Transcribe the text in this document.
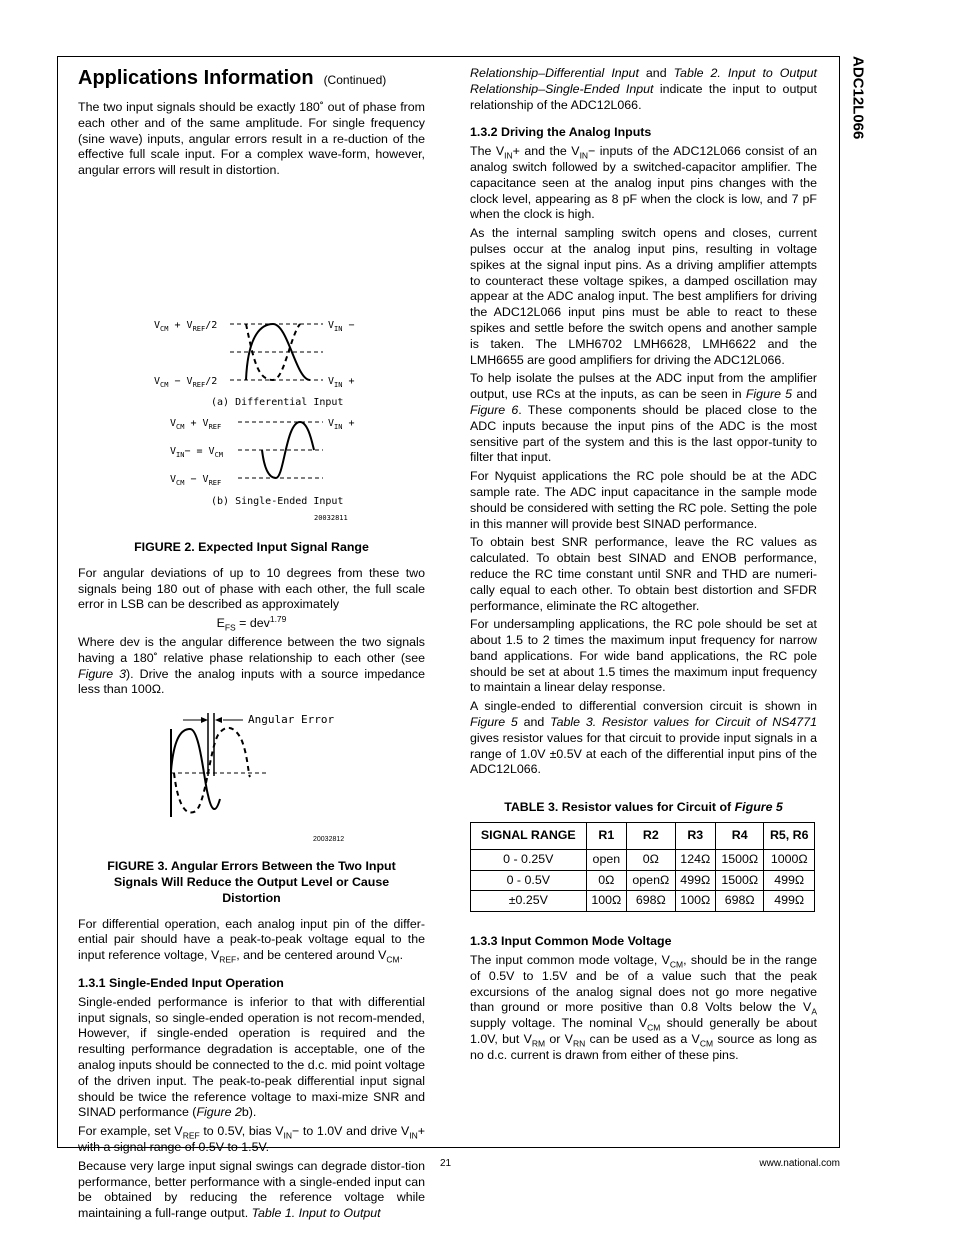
ADC12L066
Applications Information (Continued)

The two input signals should be exactly 180˚ out of phase from each other and of the same amplitude. For single frequency (sine wave) inputs, angular errors result in a re-duction of the effective full scale input. For a complex wave-form, however, angular errors will result in distortion.

$V_{CM} + V_{REF}/2$
$V_{CM} - V_{REF}/2$
$V_{IN}$ −
$V_{IN}$ +
(a) Differential Input
$V_{CM} + V_{REF}$
$V_{IN}- = V_{CM}$
$V_{CM} - V_{REF}$
$V_{IN}$ +
(b) Single-Ended Input
20032811
FIGURE 2. Expected Input Signal Range

For angular deviations of up to 10 degrees from these two signals being 180 out of phase with each other, the full scale error in LSB can be described as approximately

$E_{FS} = dev^{1.79}$

Where dev is the angular difference between the two signals having a 180˚ relative phase relationship to each other (see Figure 3). Drive the analog inputs with a source impedance less than 100Ω.

Angular Error
20032812
FIGURE 3. Angular Errors Between the Two Input
Signals Will Reduce the Output Level or Cause
Distortion

For differential operation, each analog input pin of the differ-ential pair should have a peak-to-peak voltage equal to the input reference voltage, $V_{REF}$, and be centered around $V_{CM}$.

1.3.1 Single-Ended Input Operation

Single-ended performance is inferior to that with differential input signals, so single-ended operation is not recom-mended, However, if single-ended operation is required and the resulting performance degradation is acceptable, one of the analog inputs should be connected to the d.c. mid point voltage of the driven input. The peak-to-peak differential input signal should be twice the reference voltage to maxi-mize SNR and SINAD performance (Figure 2b).

For example, set $V_{REF}$ to 0.5V, bias $V_{IN}-$ to 1.0V and drive $V_{IN}+$ with a signal range of 0.5V to 1.5V.

Because very large input signal swings can degrade distor-tion performance, better performance with a single-ended input can be obtained by reducing the reference voltage while maintaining a full-range output. Table 1. Input to Output

Relationship–Differential Input and Table 2. Input to Output Relationship–Single-Ended Input indicate the input to output relationship of the ADC12L066.

1.3.2 Driving the Analog Inputs

The $V_{IN}+$ and the $V_{IN}-$ inputs of the ADC12L066 consist of an analog switch followed by a switched-capacitor amplifier. The capacitance seen at the analog input pins changes with the clock level, appearing as 8 pF when the clock is low, and 7 pF when the clock is high.

As the internal sampling switch opens and closes, current pulses occur at the analog input pins, resulting in voltage spikes at the signal input pins. As a driving amplifier attempts to counteract these voltage spikes, a damped oscillation may appear at the ADC analog input. The best amplifiers for driving the ADC12L066 input pins must be able to react to these spikes and settle before the switch opens and another sample is taken. The LMH6702 LMH6628, LMH6622 and the LMH6655 are good amplifiers for driving the ADC12L066.

To help isolate the pulses at the ADC input from the amplifier output, use RCs at the inputs, as can be seen in Figure 5 and Figure 6. These components should be placed close to the ADC inputs because the input pins of the ADC is the most sensitive part of the system and this is the last oppor-tunity to filter that input.

For Nyquist applications the RC pole should be at the ADC sample rate. The ADC input capacitance in the sample mode should be considered with setting the RC pole. Setting the pole in this manner will provide best SINAD performance.

To obtain best SNR performance, leave the RC values as calculated. To obtain best SINAD and ENOB performance, reduce the RC time constant until SNR and THD are numeri-cally equal to each other. To obtain best distortion and SFDR performance, eliminate the RC altogether.

For undersampling applications, the RC pole should be set at about 1.5 to 2 times the maximum input frequency for narrow band applications. For wide band applications, the RC pole should be set at about 1.5 times the maximum input frequency to maintain a linear delay response.

A single-ended to differential conversion circuit is shown in Figure 5 and Table 3. Resistor values for Circuit of NS4771 gives resistor values for that circuit to provide input signals in a range of 1.0V ±0.5V at each of the differential input pins of the ADC12L066.

TABLE 3. Resistor values for Circuit of Figure 5
SIGNAL RANGE	R1	R2	R3	R4	R5, R6
0 - 0.25V	open	0Ω	124Ω	1500Ω	1000Ω
0 - 0.5V	0Ω	openΩ	499Ω	1500Ω	499Ω
±0.25V	100Ω	698Ω	100Ω	698Ω	499Ω
1.3.3 Input Common Mode Voltage

The input common mode voltage, $V_{CM}$, should be in the range of 0.5V to 1.5V and be of a value such that the peak excursions of the analog signal does not go more negative than ground or more positive than 0.8 Volts below the $V_A$ supply voltage. The nominal $V_{CM}$ should generally be about 1.0V, but $V_{RM}$ or $V_{RN}$ can be used as a $V_{CM}$ source as long as no d.c. current is drawn from either of these pins.

21	www.national.com
